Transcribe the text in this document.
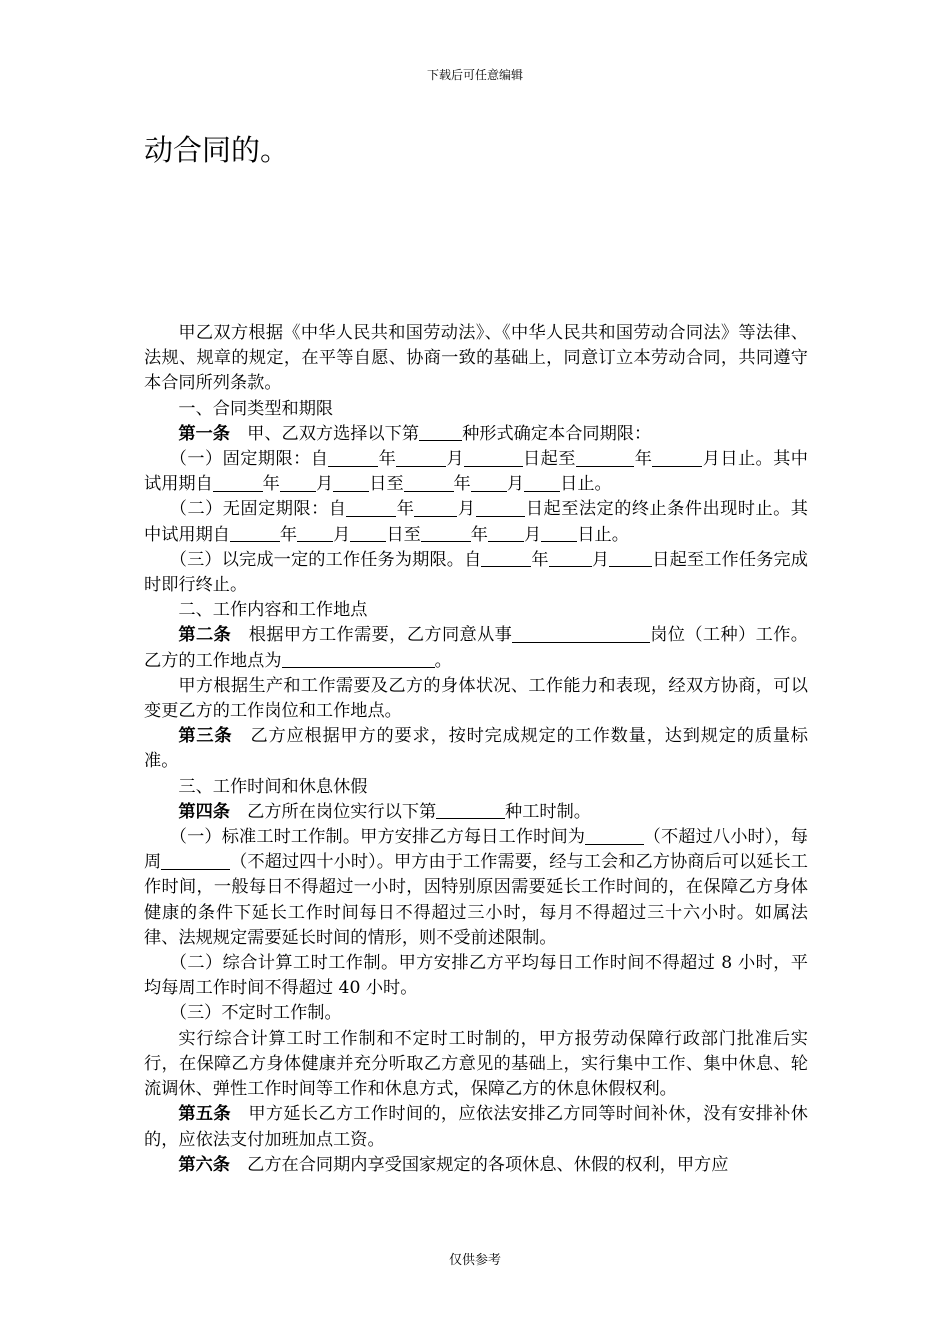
下载后可任意编辑
动合同的。

甲乙双方根据《中华人民共和国劳动法》、《中华人民共和国劳动合同法》等法律、法规、规章的规定，在平等自愿、协商一致的基础上，同意订立本劳动合同，共同遵守本合同所列条款。

一、合同类型和期限

第一条　 甲、乙双方选择以下第	种形式确定本合同期限：

（一）固定期限：自	年	月	日起至	年	月日止。其中试用期自	年 月 日至	年 月 日止。

（二）无固定期限：自	年	月	日起至法定的终止条件出现时止。其中试用期自	年 月 日至	年 月 日止。

（三）以完成一定的工作任务为期限。自	年	月	日起至工作任务完成时即行终止。

二、工作内容和工作地点

第二条　 根据甲方工作需要，乙方同意从事	岗位（工种）工作。乙方的工作地点为	。

甲方根据生产和工作需要及乙方的身体状况、工作能力和表现，经双方协商，可以变更乙方的工作岗位和工作地点。

第三条　 乙方应根据甲方的要求，按时完成规定的工作数量，达到规定的质量标准。

三、工作时间和休息休假

第四条　 乙方所在岗位实行以下第	种工时制。

（一）标准工时工作制。甲方安排乙方每日工作时间为	（不超过八小时），每周	（不超过四十小时）。甲方由于工作需要，经与工会和乙方协商后可以延长工作时间，一般每日不得超过一小时，因特别原因需要延长工作时间的，在保障乙方身体健康的条件下延长工作时间每日不得超过三小时，每月不得超过三十六小时。如属法律、法规规定需要延长时间的情形，则不受前述限制。

（二）综合计算工时工作制。甲方安排乙方平均每日工作时间不得超过 8 小时，平均每周工作时间不得超过 40 小时。

（三）不定时工作制。

实行综合计算工时工作制和不定时工时制的，甲方报劳动保障行政部门批准后实行，在保障乙方身体健康并充分听取乙方意见的基础上，实行集中工作、集中休息、轮流调休、弹性工作时间等工作和休息方式，保障乙方的休息休假权利。

第五条　 甲方延长乙方工作时间的，应依法安排乙方同等时间补休，没有安排补休的，应依法支付加班加点工资。

第六条　 乙方在合同期内享受国家规定的各项休息、休假的权利，甲方应

仅供参考
